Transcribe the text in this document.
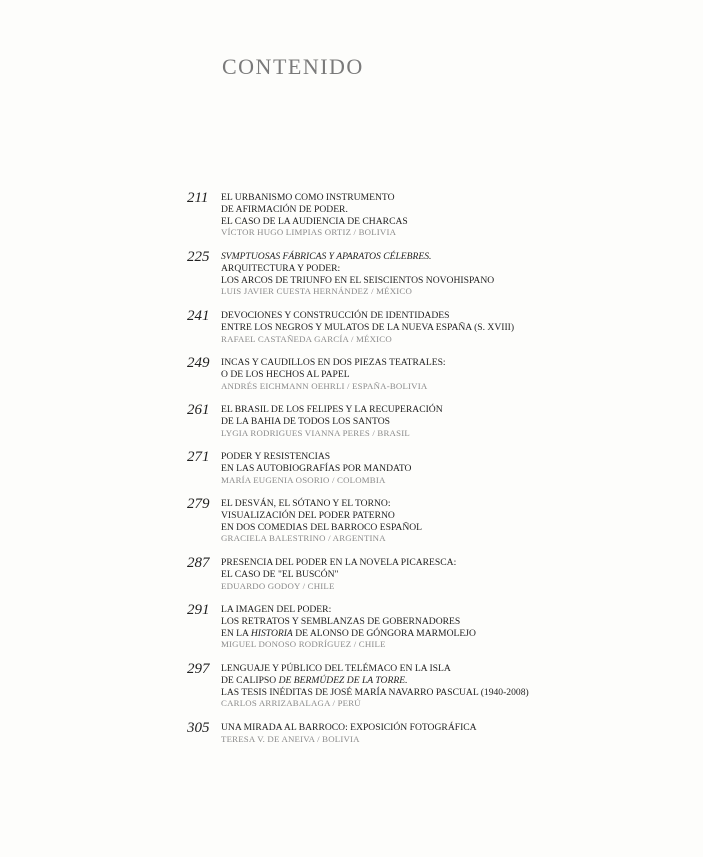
CONTENIDO
211 EL URBANISMO COMO INSTRUMENTO
DE AFIRMACIÓN DE PODER.
EL CASO DE LA AUDIENCIA DE CHARCAS
VÍCTOR HUGO LIMPIAS ORTIZ / BOLIVIA
225 SVMPTUOSAS FÁBRICAS Y APARATOS CÉLEBRES.
ARQUITECTURA Y PODER:
LOS ARCOS DE TRIUNFO EN EL SEISCIENTOS NOVOHISPANO
LUIS JAVIER CUESTA HERNÁNDEZ / MÉXICO
241 DEVOCIONES Y CONSTRUCCIÓN DE IDENTIDADES
ENTRE LOS NEGROS Y MULATOS DE LA NUEVA ESPAÑA (S. XVIII)
RAFAEL CASTAÑEDA GARCÍA / MÉXICO
249 INCAS Y CAUDILLOS EN DOS PIEZAS TEATRALES:
O DE LOS HECHOS AL PAPEL
ANDRÉS EICHMANN OEHRLI / ESPAÑA-BOLIVIA
261 EL BRASIL DE LOS FELIPES Y LA RECUPERACIÓN
DE LA BAHIA DE TODOS LOS SANTOS
LYGIA RODRIGUES VIANNA PERES / BRASIL
271 PODER Y RESISTENCIAS
EN LAS AUTOBIOGRAFÍAS POR MANDATO
MARÍA EUGENIA OSORIO / COLOMBIA
279 EL DESVÁN, EL SÓTANO Y EL TORNO:
VISUALIZACIÓN DEL PODER PATERNO
EN DOS COMEDIAS DEL BARROCO ESPAÑOL
GRACIELA BALESTRINO / ARGENTINA
287 PRESENCIA DEL PODER EN LA NOVELA PICARESCA:
EL CASO DE "EL BUSCÓN"
EDUARDO GODOY / CHILE
291 LA IMAGEN DEL PODER:
LOS RETRATOS Y SEMBLANZAS DE GOBERNADORES
EN LA HISTORIA DE ALONSO DE GÓNGORA MARMOLEJO
MIGUEL DONOSO RODRÍGUEZ / CHILE
297 LENGUAJE Y PÚBLICO DEL TELÉMACO EN LA ISLA
DE CALIPSO DE BERMÚDEZ DE LA TORRE.
LAS TESIS INÉDITAS DE JOSÉ MARÍA NAVARRO PASCUAL (1940-2008)
CARLOS ARRIZABALAGA / PERÚ
305 UNA MIRADA AL BARROCO: EXPOSICIÓN FOTOGRÁFICA
TERESA V. DE ANEIVA / BOLIVIA
